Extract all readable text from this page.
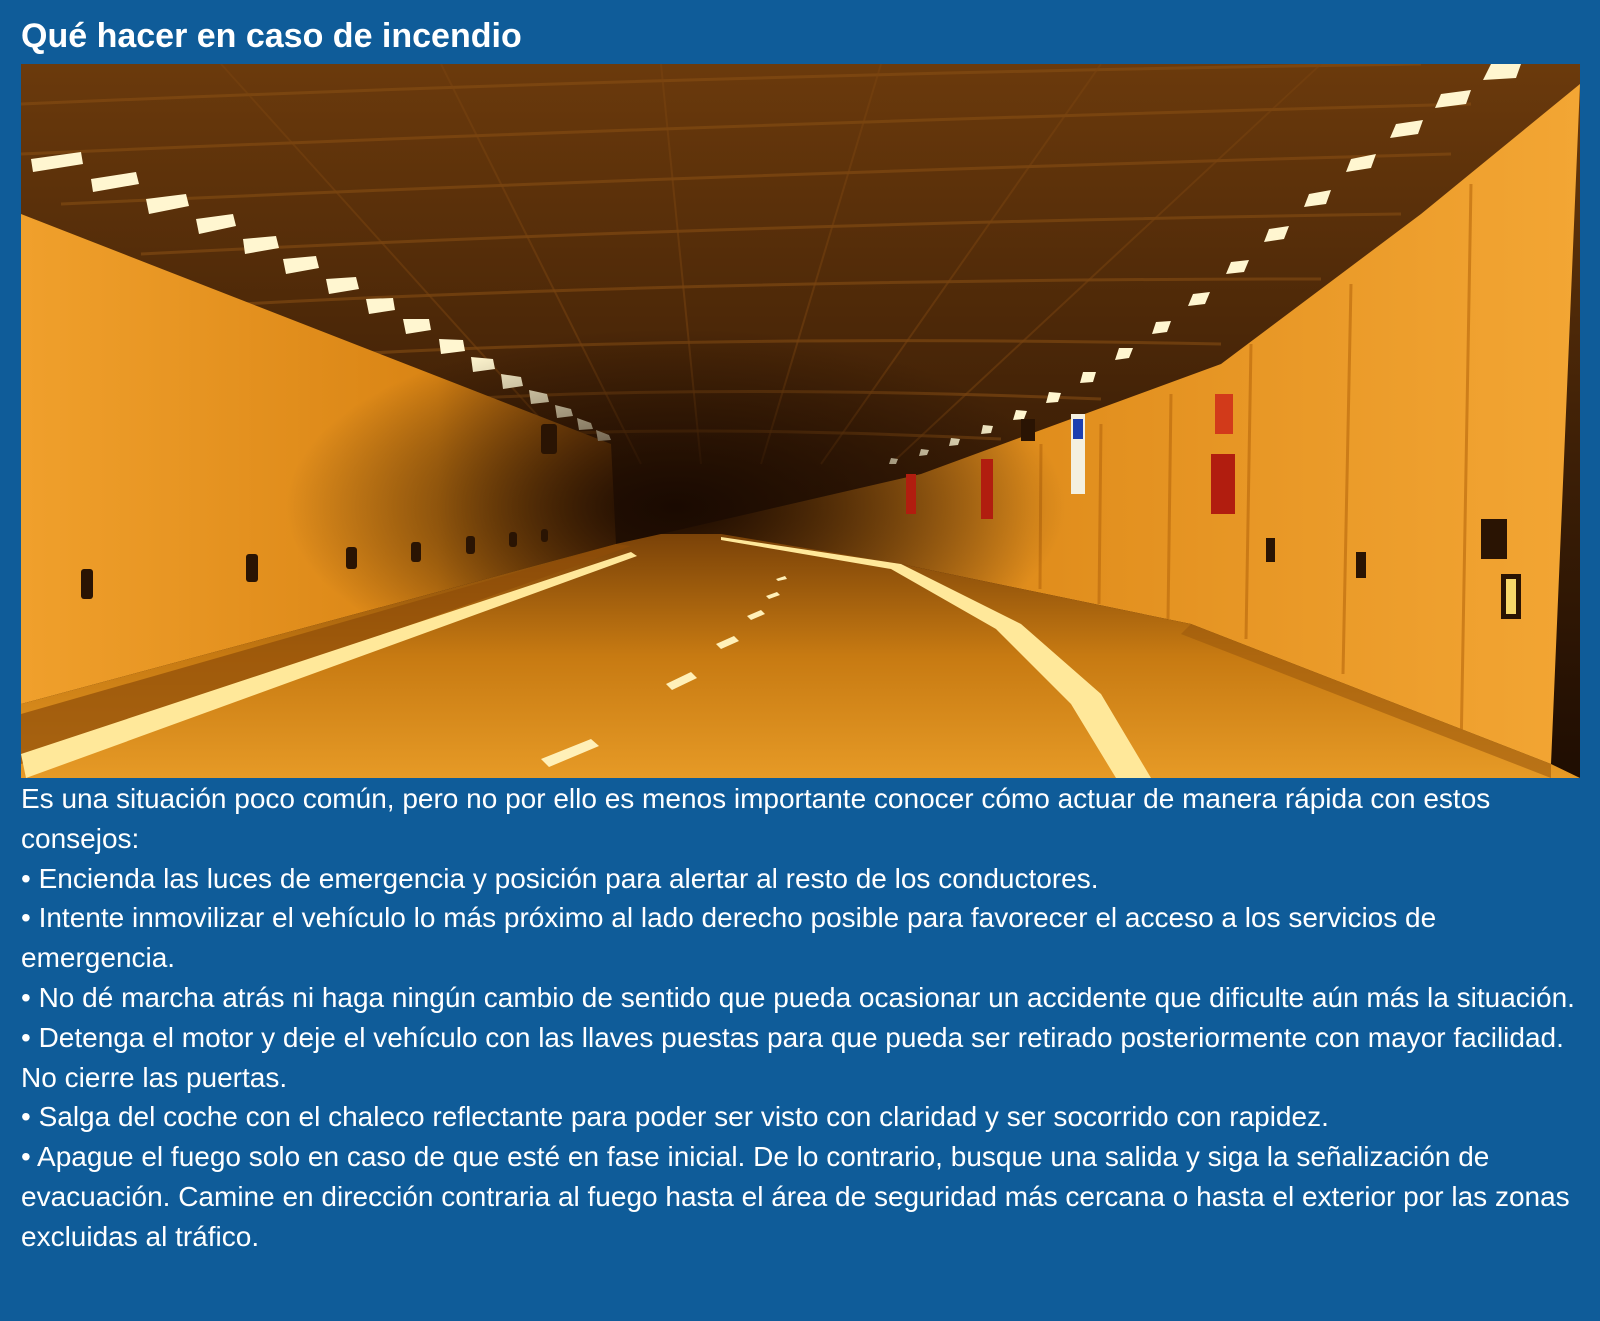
Qué hacer en caso de incendio

Es una situación poco común, pero no por ello es menos importante conocer cómo actuar de manera rápida con estos consejos:

• Encienda las luces de emergencia y posición para alertar al resto de los conductores.

• Intente inmovilizar el vehículo lo más próximo al lado derecho posible para favorecer el acceso a los servicios de emergencia.

• No dé marcha atrás ni haga ningún cambio de sentido que pueda ocasionar un accidente que dificulte aún más la situación.

• Detenga el motor y deje el vehículo con las llaves puestas para que pueda ser retirado posteriormente con mayor facilidad. No cierre las puertas.

• Salga del coche con el chaleco reflectante para poder ser visto con claridad y ser socorrido con rapidez.

• Apague el fuego solo en caso de que esté en fase inicial. De lo contrario, busque una salida y siga la señalización de evacuación. Camine en dirección contraria al fuego hasta el área de seguridad más cercana o hasta el exterior por las zonas excluidas al tráfico.
